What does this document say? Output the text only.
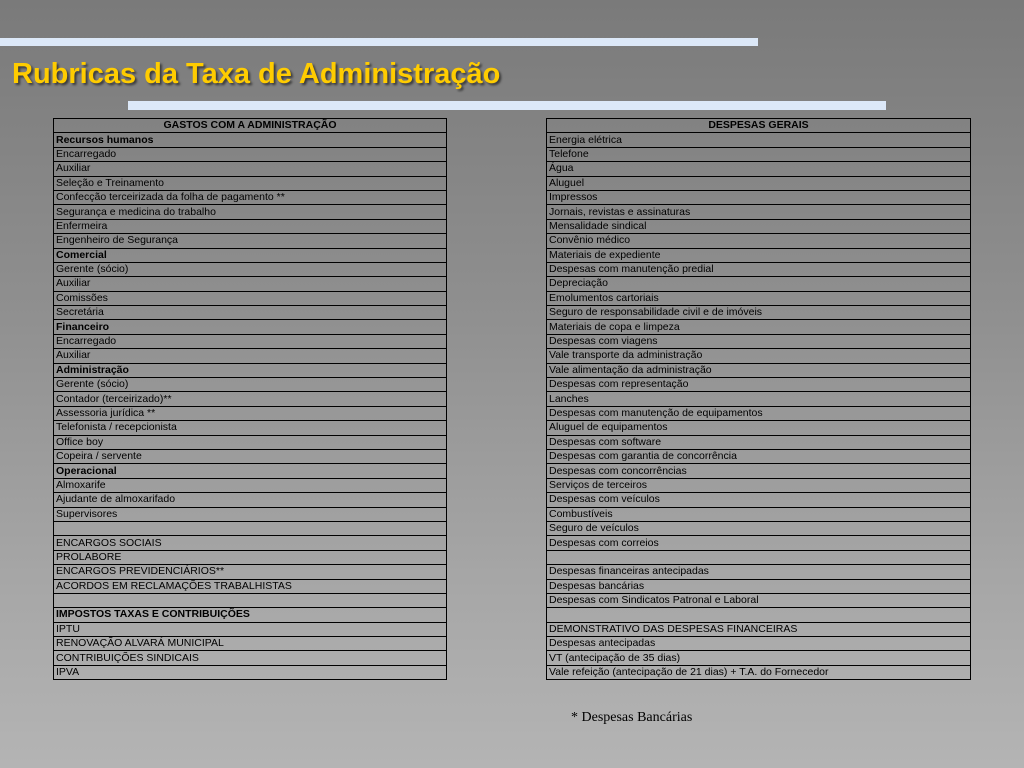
Rubricas da Taxa de Administração
GASTOS COM A ADMINISTRAÇÃO
Recursos humanos
Encarregado
Auxiliar
Seleção e Treinamento
Confecção terceirizada da folha de pagamento **
Segurança e medicina do trabalho
Enfermeira
Engenheiro de Segurança
Comercial
Gerente (sócio)
Auxiliar
Comissões
Secretária
Financeiro
Encarregado
Auxiliar
Administração
Gerente (sócio)
Contador (terceirizado)**
Assessoria jurídica **
Telefonista / recepcionista
Office boy
Copeira / servente
Operacional
Almoxarife
Ajudante de almoxarifado
Supervisores

ENCARGOS SOCIAIS
PROLABORE
ENCARGOS PREVIDENCIÁRIOS**
ACORDOS EM RECLAMAÇÕES TRABALHISTAS

IMPOSTOS TAXAS E CONTRIBUIÇÕES
IPTU
RENOVAÇÃO ALVARÁ MUNICIPAL
CONTRIBUIÇÕES SINDICAIS
IPVA
DESPESAS GERAIS
Energia elétrica
Telefone
Água
Aluguel
Impressos
Jornais, revistas e assinaturas
Mensalidade sindical
Convênio médico
Materiais de expediente
Despesas com manutenção predial
Depreciação
Emolumentos cartoriais
Seguro de responsabilidade civil e de imóveis
Materiais de copa e limpeza
Despesas com viagens
Vale transporte da administração
Vale alimentação da administração
Despesas com representação
Lanches
Despesas com manutenção de equipamentos
Aluguel de equipamentos
Despesas com software
Despesas com garantia de concorrência
Despesas com concorrências
Serviços de terceiros
Despesas com veículos
Combustíveis
Seguro de veículos
Despesas com correios

Despesas financeiras antecipadas
Despesas bancárias
Despesas com Sindicatos Patronal e Laboral

DEMONSTRATIVO DAS DESPESAS FINANCEIRAS
Despesas antecipadas
VT (antecipação de 35 dias)
Vale refeição (antecipação de 21 dias) + T.A. do Fornecedor
* Despesas Bancárias
